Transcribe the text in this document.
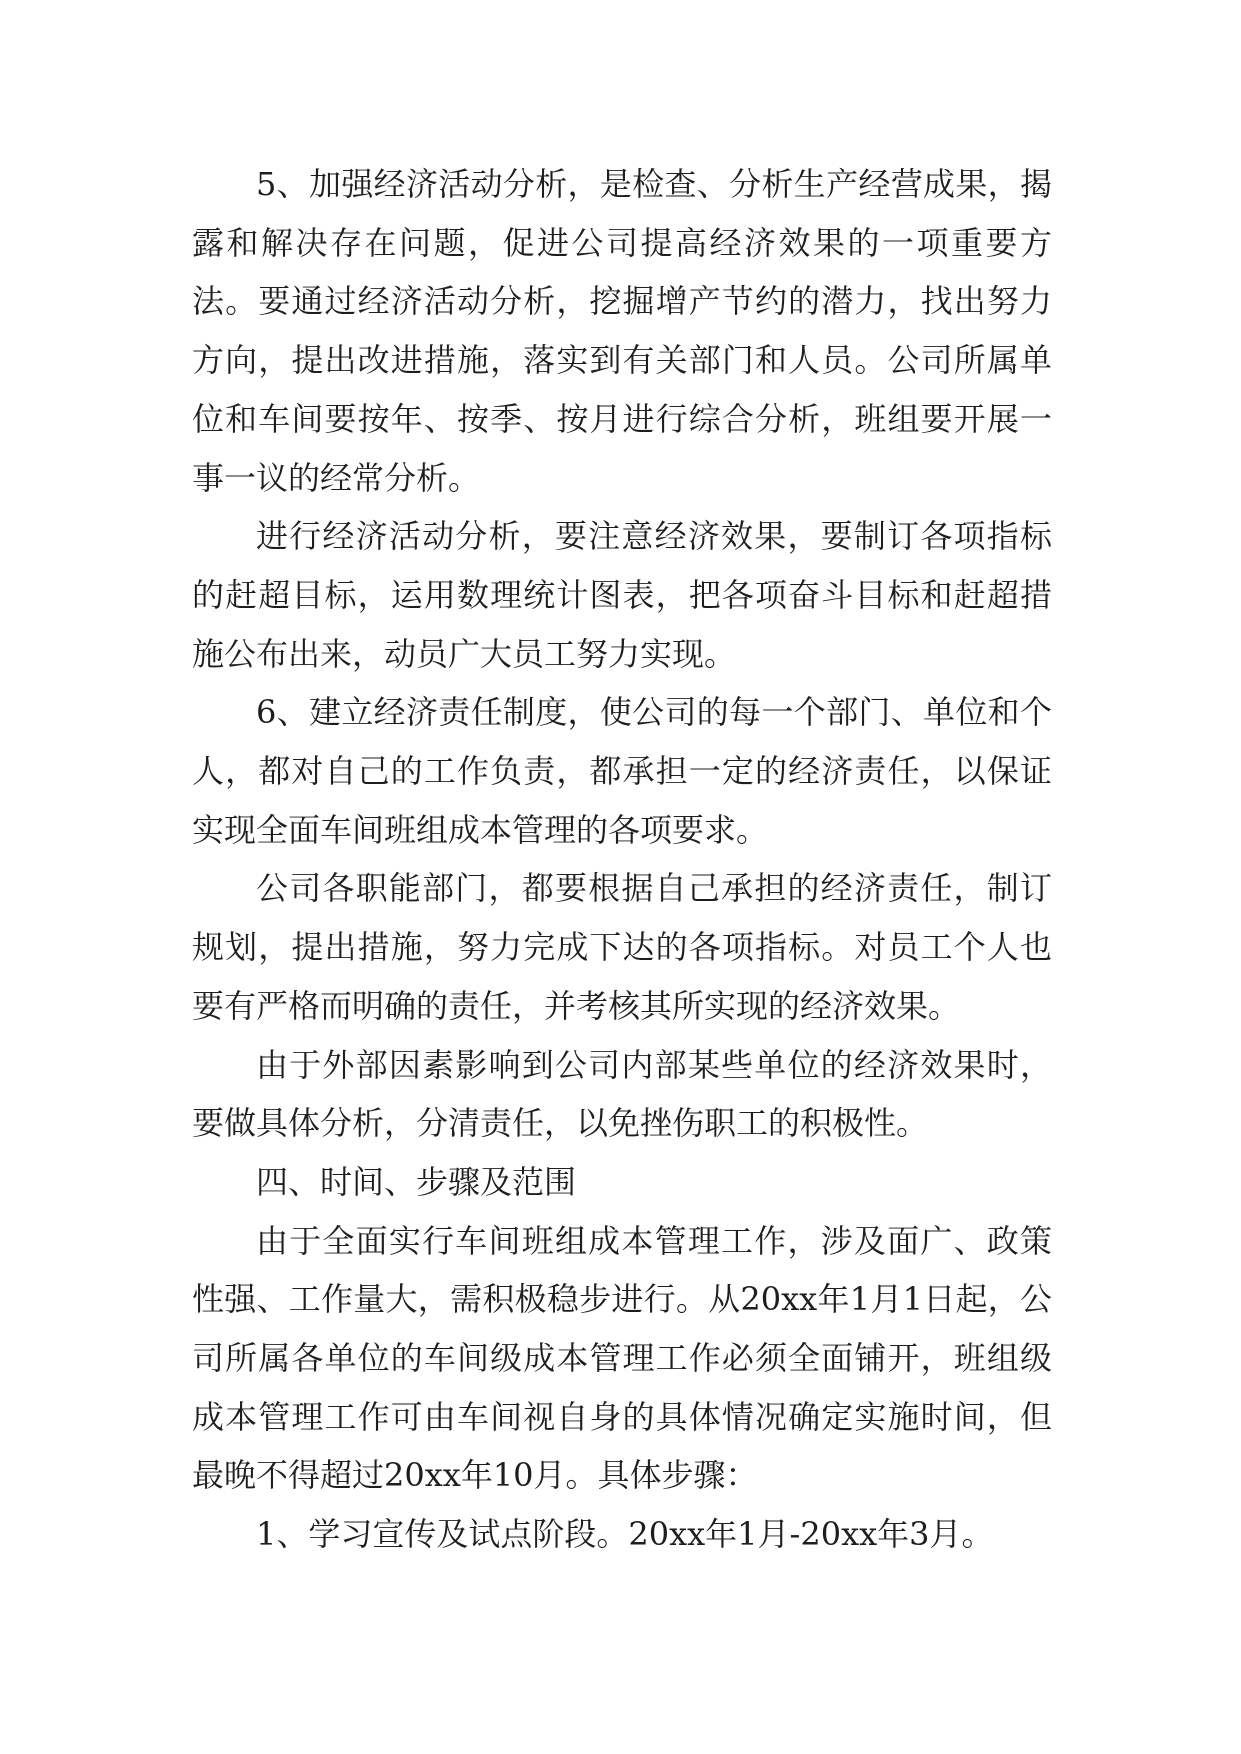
5、加强经济活动分析，是检查、分析生产经营成果，揭露和解决存在问题，促进公司提高经济效果的一项重要方法。要通过经济活动分析，挖掘增产节约的潜力，找出努力方向，提出改进措施，落实到有关部门和人员。公司所属单位和车间要按年、按季、按月进行综合分析，班组要开展一事一议的经常分析。

进行经济活动分析，要注意经济效果，要制订各项指标的赶超目标，运用数理统计图表，把各项奋斗目标和赶超措施公布出来，动员广大员工努力实现。

6、建立经济责任制度，使公司的每一个部门、单位和个人，都对自己的工作负责，都承担一定的经济责任，以保证实现全面车间班组成本管理的各项要求。

公司各职能部门，都要根据自己承担的经济责任，制订规划，提出措施，努力完成下达的各项指标。对员工个人也要有严格而明确的责任，并考核其所实现的经济效果。

由于外部因素影响到公司内部某些单位的经济效果时，要做具体分析，分清责任，以免挫伤职工的积极性。

四、时间、步骤及范围

由于全面实行车间班组成本管理工作，涉及面广、政策性强、工作量大，需积极稳步进行。从20xx年1月1日起，公司所属各单位的车间级成本管理工作必须全面铺开，班组级成本管理工作可由车间视自身的具体情况确定实施时间，但最晚不得超过20xx年10月。具体步骤：

1、学习宣传及试点阶段。20xx年1月-20xx年3月。
